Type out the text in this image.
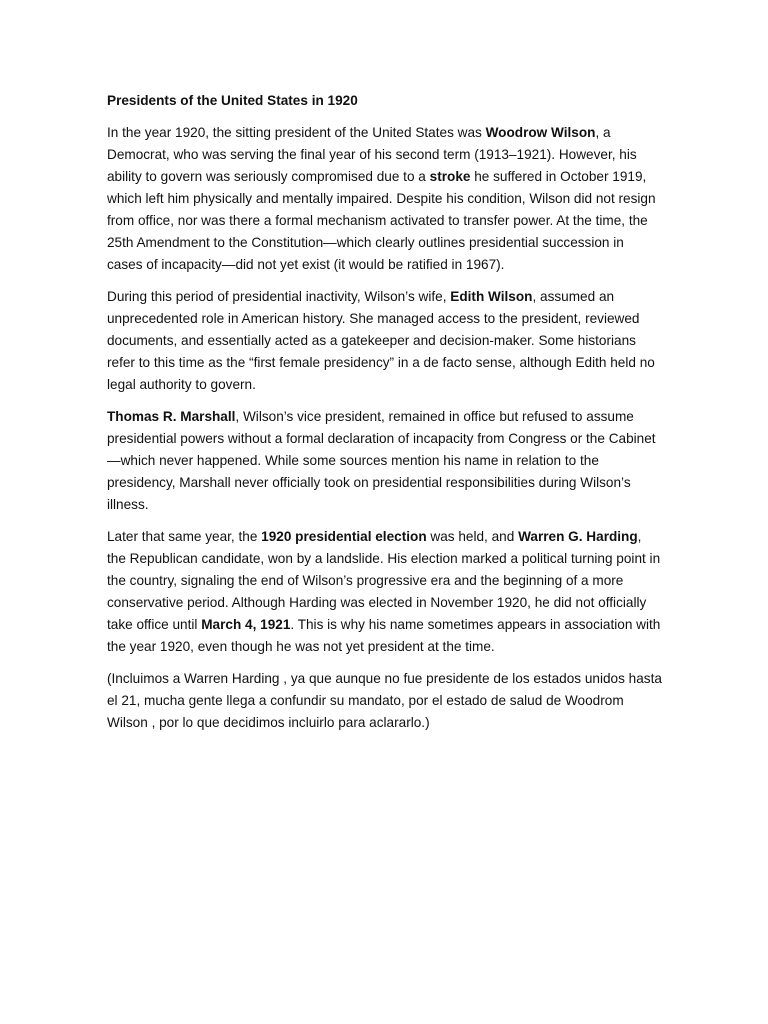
Presidents of the United States in 1920

In the year 1920, the sitting president of the United States was Woodrow Wilson, a Democrat, who was serving the final year of his second term (1913–1921). However, his ability to govern was seriously compromised due to a stroke he suffered in October 1919, which left him physically and mentally impaired. Despite his condition, Wilson did not resign from office, nor was there a formal mechanism activated to transfer power. At the time, the 25th Amendment to the Constitution—which clearly outlines presidential succession in cases of incapacity—did not yet exist (it would be ratified in 1967).

During this period of presidential inactivity, Wilson’s wife, Edith Wilson, assumed an unprecedented role in American history. She managed access to the president, reviewed documents, and essentially acted as a gatekeeper and decision-maker. Some historians refer to this time as the “first female presidency” in a de facto sense, although Edith held no legal authority to govern.

Thomas R. Marshall, Wilson’s vice president, remained in office but refused to assume presidential powers without a formal declaration of incapacity from Congress or the Cabinet—which never happened. While some sources mention his name in relation to the presidency, Marshall never officially took on presidential responsibilities during Wilson’s illness.

Later that same year, the 1920 presidential election was held, and Warren G. Harding, the Republican candidate, won by a landslide. His election marked a political turning point in the country, signaling the end of Wilson’s progressive era and the beginning of a more conservative period. Although Harding was elected in November 1920, he did not officially take office until March 4, 1921. This is why his name sometimes appears in association with the year 1920, even though he was not yet president at the time.

(Incluimos a Warren Harding , ya que aunque no fue presidente de los estados unidos hasta el 21, mucha gente llega a confundir su mandato, por el estado de salud de Woodrom Wilson , por lo que decidimos incluirlo para aclararlo.)
